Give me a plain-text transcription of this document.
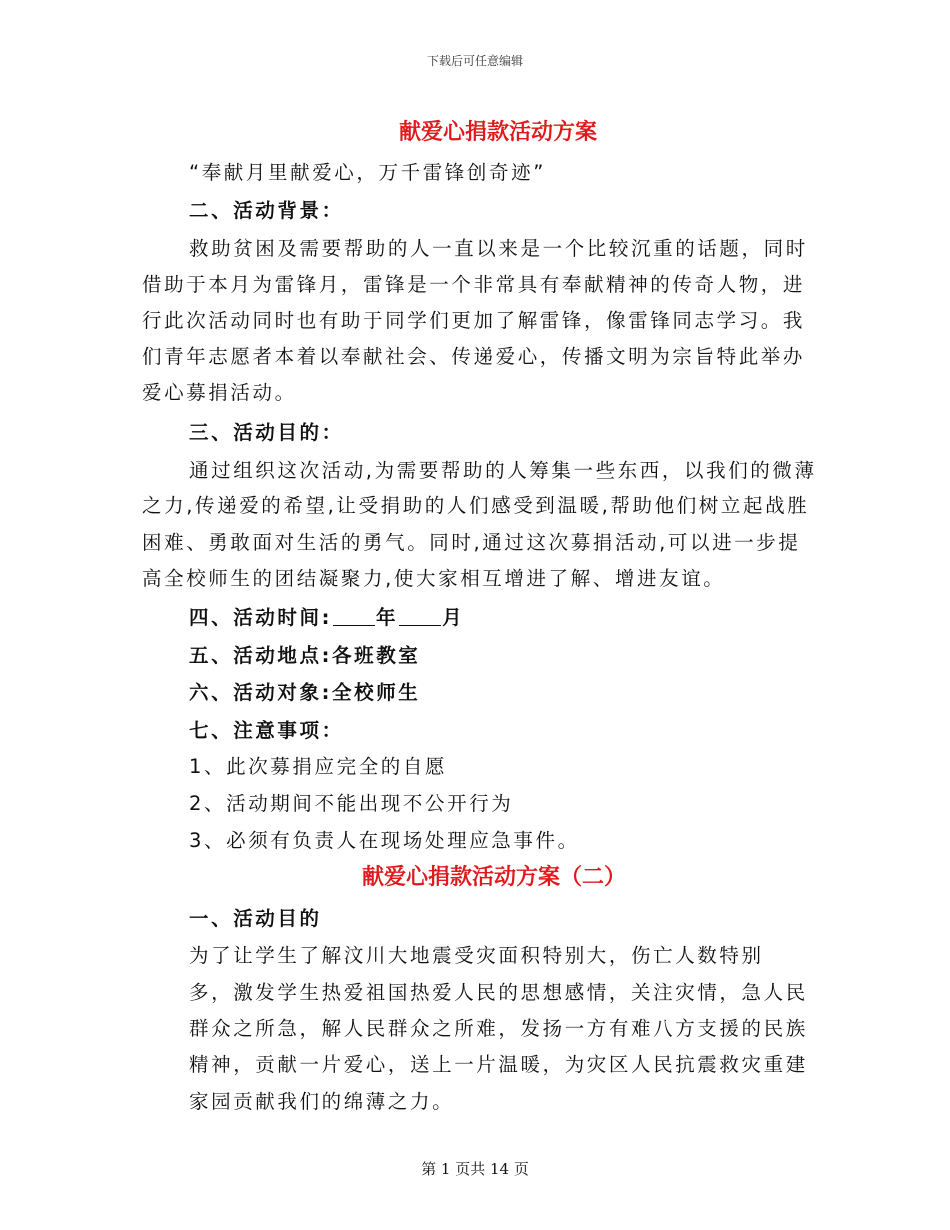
下载后可任意编辑
献爱心捐款活动方案
“奉献月里献爱心，万千雷锋创奇迹”
二、活动背景：
救助贫困及需要帮助的人一直以来是一个比较沉重的话题，同时
借助于本月为雷锋月，雷锋是一个非常具有奉献精神的传奇人物，进
行此次活动同时也有助于同学们更加了解雷锋，像雷锋同志学习。我
们青年志愿者本着以奉献社会、传递爱心，传播文明为宗旨特此举办
爱心募捐活动。
三、活动目的：
通过组织这次活动,为需要帮助的人筹集一些东西，以我们的微薄
之力,传递爱的希望,让受捐助的人们感受到温暖,帮助他们树立起战胜
困难、勇敢面对生活的勇气。同时,通过这次募捐活动,可以进一步提
高全校师生的团结凝聚力,使大家相互增进了解、增进友谊。
四、活动时间: 年 月
五、活动地点:各班教室
六、活动对象:全校师生
七、注意事项：
1、此次募捐应完全的自愿
2、活动期间不能出现不公开行为
3、必须有负责人在现场处理应急事件。
献爱心捐款活动方案（二）
一、活动目的
为了让学生了解汶川大地震受灾面积特别大，伤亡人数特别
多，激发学生热爱祖国热爱人民的思想感情，关注灾情，急人民
群众之所急，解人民群众之所难，发扬一方有难八方支援的民族
精神，贡献一片爱心，送上一片温暖，为灾区人民抗震救灾重建
家园贡献我们的绵薄之力。
第 1 页共 14 页
